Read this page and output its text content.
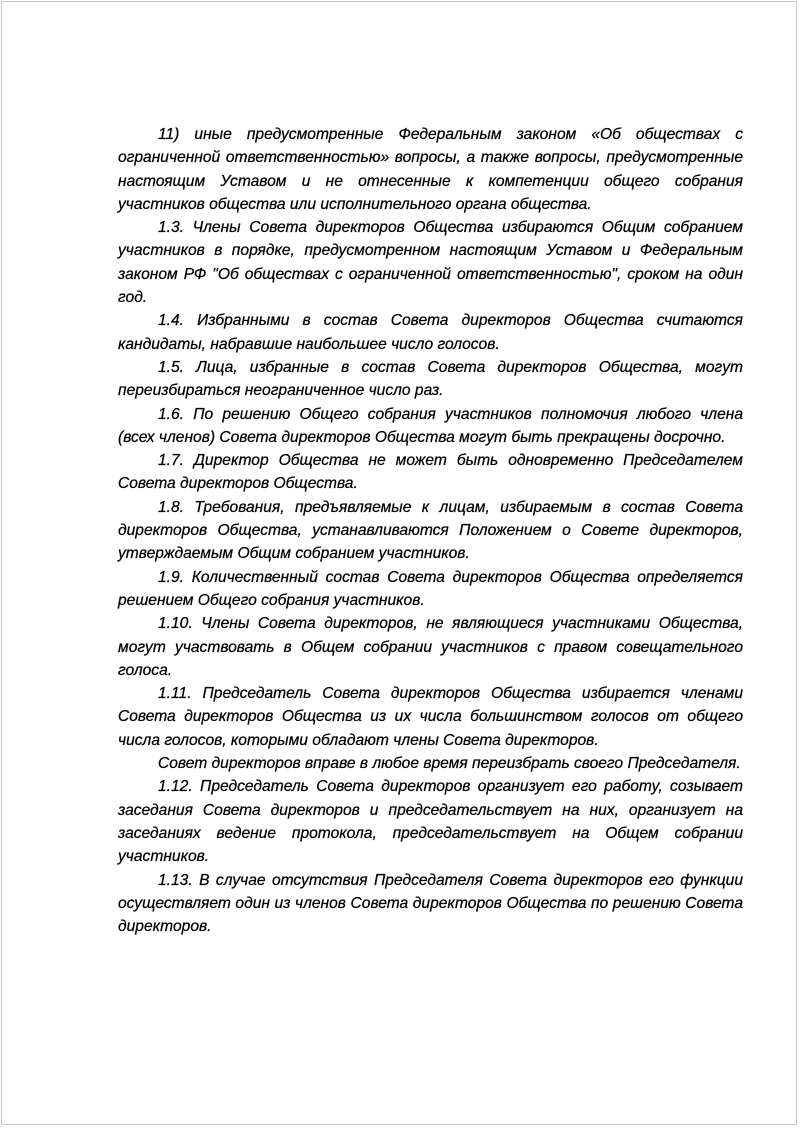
11) иные предусмотренные Федеральным законом «Об обществах с ограниченной ответственностью» вопросы, а также вопросы, предусмотренные настоящим Уставом и не отнесенные к компетенции общего собрания участников общества или исполнительного органа общества.

1.3. Члены Совета директоров Общества избираются Общим собранием участников в порядке, предусмотренном настоящим Уставом и Федеральным законом РФ "Об обществах с ограниченной ответственностью", сроком на один год.

1.4. Избранными в состав Совета директоров Общества считаются кандидаты, набравшие наибольшее число голосов.

1.5. Лица, избранные в состав Совета директоров Общества, могут переизбираться неограниченное число раз.

1.6. По решению Общего собрания участников полномочия любого члена (всех членов) Совета директоров Общества могут быть прекращены досрочно.

1.7. Директор Общества не может быть одновременно Председателем Совета директоров Общества.

1.8. Требования, предъявляемые к лицам, избираемым в состав Совета директоров Общества, устанавливаются Положением о Совете директоров, утверждаемым Общим собранием участников.

1.9. Количественный состав Совета директоров Общества определяется решением Общего собрания участников.

1.10. Члены Совета директоров, не являющиеся участниками Общества, могут участвовать в Общем собрании участников с правом совещательного голоса.

1.11. Председатель Совета директоров Общества избирается членами Совета директоров Общества из их числа большинством голосов от общего числа голосов, которыми обладают члены Совета директоров.

Совет директоров вправе в любое время переизбрать своего Председателя.

1.12. Председатель Совета директоров организует его работу, созывает заседания Совета директоров и председательствует на них, организует на заседаниях ведение протокола, председательствует на Общем собрании участников.

1.13. В случае отсутствия Председателя Совета директоров его функции осуществляет один из членов Совета директоров Общества по решению Совета директоров.
